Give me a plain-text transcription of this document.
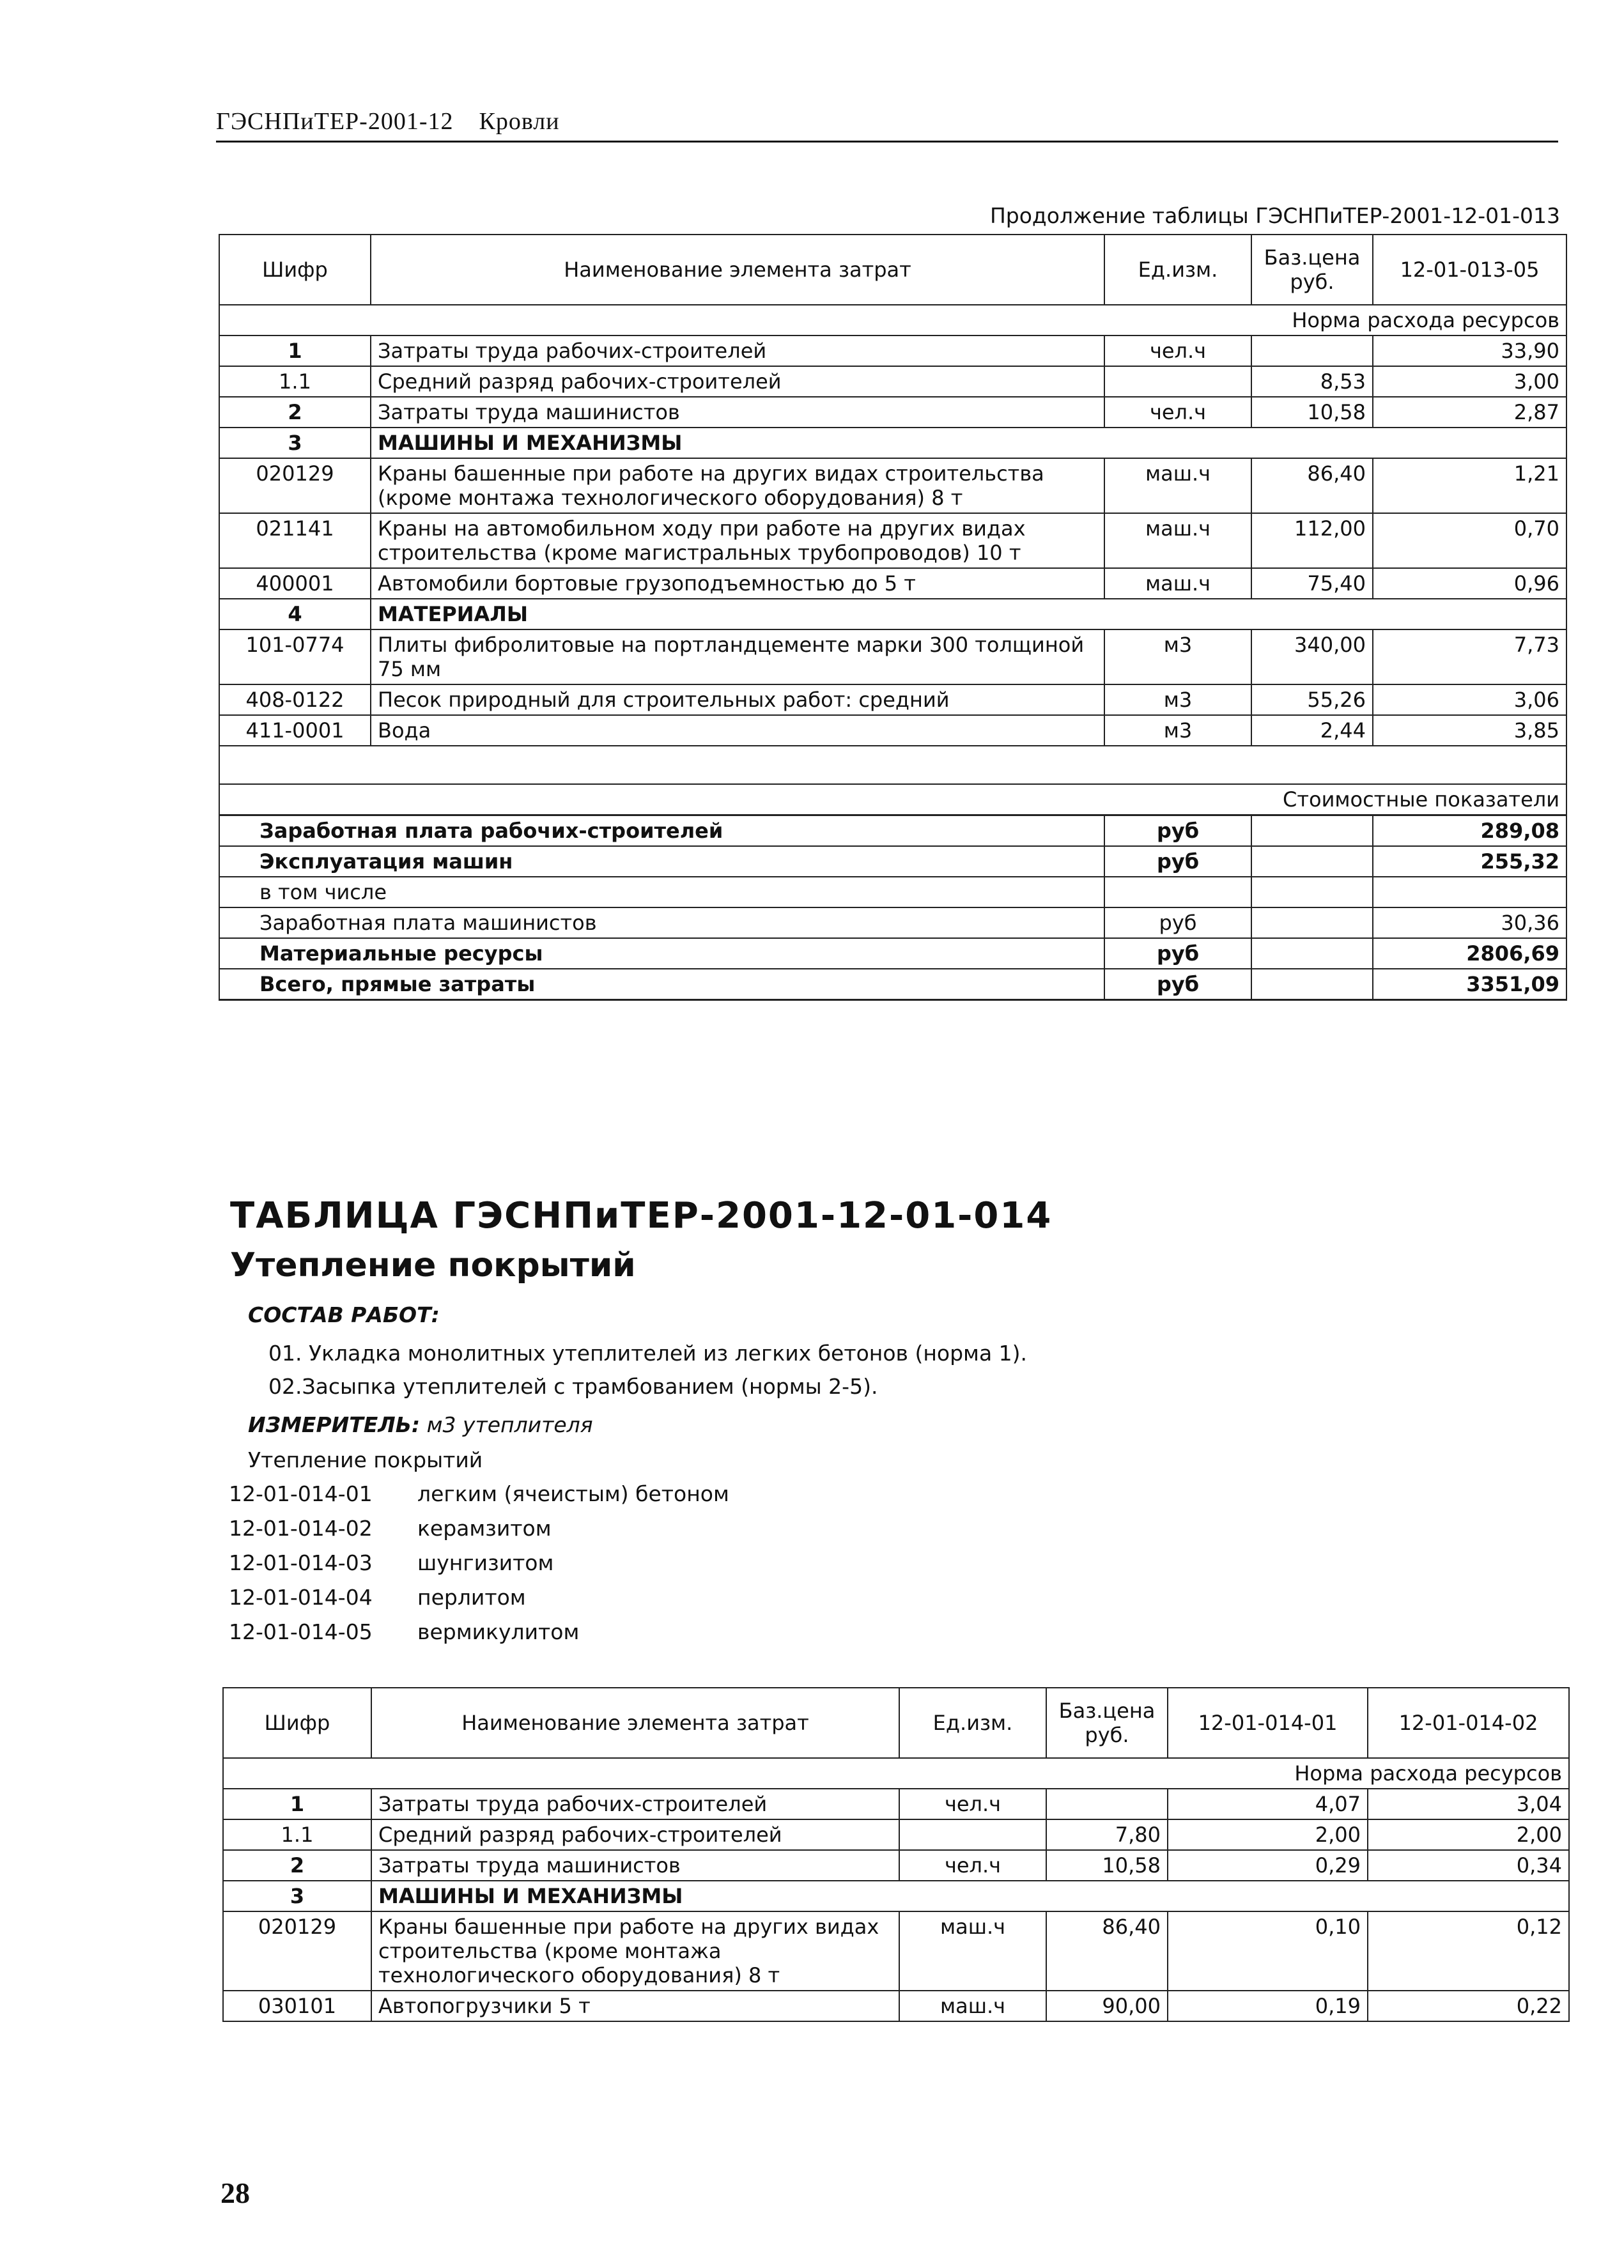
ГЭСНПиТЕР-2001-12 Кровли
Продолжение таблицы ГЭСНПиТЕР-2001-12-01-013
Шифр	Наименование элемента затрат	Ед.изм.	Баз.цена руб.	12-01-013-05
Норма расхода ресурсов				
1	Затраты труда рабочих-строителей	чел.ч		33,90
1.1	Средний разряд рабочих-строителей		8,53	3,00
2	Затраты труда машинистов	чел.ч	10,58	2,87
3	МАШИНЫ И МЕХАНИЗМЫ			
020129	Краны башенные при работе на других видах строительства (кроме монтажа технологического оборудования) 8 т	маш.ч	86,40	1,21
021141	Краны на автомобильном ходу при работе на других видах строительства (кроме магистральных трубопроводов) 10 т	маш.ч	112,00	0,70
400001	Автомобили бортовые грузоподъемностью до 5 т	маш.ч	75,40	0,96
4	МАТЕРИАЛЫ			
101-0774	Плиты фибролитовые на портландцементе марки 300 толщиной 75 мм	м3	340,00	7,73
408-0122	Песок природный для строительных работ: средний	м3	55,26	3,06
411-0001	Вода	м3	2,44	3,85

Стоимостные показатели				
Заработная плата рабочих-строителей		руб		289,08
Эксплуатация машин		руб		255,32
в том числе				
Заработная плата машинистов		руб		30,36
Материальные ресурсы		руб		2806,69
Всего, прямые затраты		руб		3351,09
ТАБЛИЦА ГЭСНПиТЕР-2001-12-01-014
Утепление покрытий
СОСТАВ РАБОТ:
01. Укладка монолитных утеплителей из легких бетонов (норма 1).
02.Засыпка утеплителей с трамбованием (нормы 2-5).
ИЗМЕРИТЕЛЬ: м3 утеплителя
Утепление покрытий
12-01-014-01 легким (ячеистым) бетоном
12-01-014-02 керамзитом
12-01-014-03 шунгизитом
12-01-014-04 перлитом
12-01-014-05 вермикулитом
Шифр	Наименование элемента затрат	Ед.изм.	Баз.цена руб.	12-01-014-01	12-01-014-02
Норма расхода ресурсов					
1	Затраты труда рабочих-строителей	чел.ч		4,07	3,04
1.1	Средний разряд рабочих-строителей		7,80	2,00	2,00
2	Затраты труда машинистов	чел.ч	10,58	0,29	0,34
3	МАШИНЫ И МЕХАНИЗМЫ				
020129	Краны башенные при работе на других видах строительства (кроме монтажа технологического оборудования) 8 т	маш.ч	86,40	0,10	0,12
030101	Автопогрузчики 5 т	маш.ч	90,00	0,19	0,22
28
